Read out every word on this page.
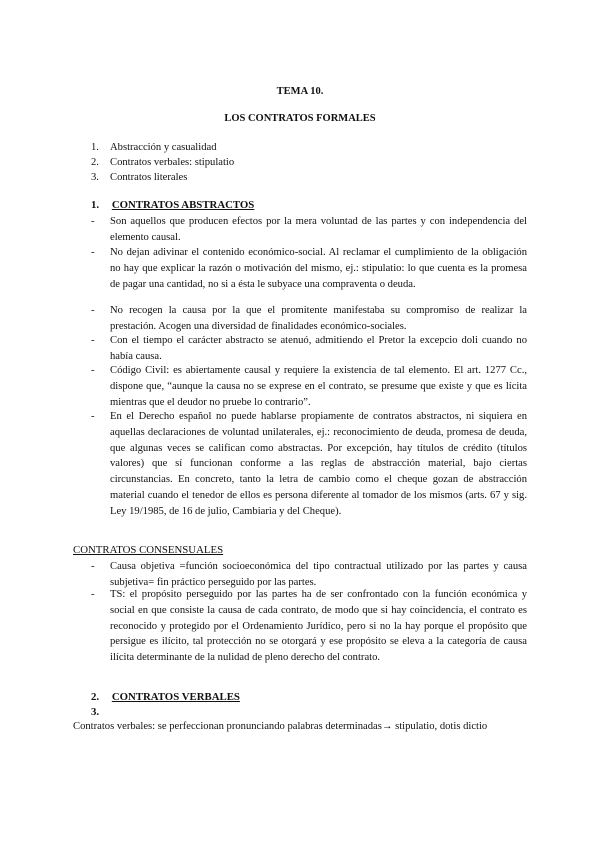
TEMA 10.
LOS CONTRATOS FORMALES
1. Abstracción y casualidad
2. Contratos verbales: stipulatio
3. Contratos literales
1. CONTRATOS ABSTRACTOS
- Son aquellos que producen efectos por la mera voluntad de las partes y con independencia del elemento causal.
- No dejan adivinar el contenido económico-social. Al reclamar el cumplimiento de la obligación no hay que explicar la razón o motivación del mismo, ej.: stipulatio: lo que cuenta es la promesa de pagar una cantidad, no si a ésta le subyace una compraventa o deuda.
- No recogen la causa por la que el promitente manifestaba su compromiso de realizar la prestación. Acogen una diversidad de finalidades económico-sociales.
- Con el tiempo el carácter abstracto se atenuó, admitiendo el Pretor la excepcio doli cuando no había causa.
- Código Civil: es abiertamente causal y requiere la existencia de tal elemento. El art. 1277 Cc., dispone que, “aunque la causa no se exprese en el contrato, se presume que existe y que es lícita mientras que el deudor no pruebe lo contrario”.
- En el Derecho español no puede hablarse propiamente de contratos abstractos, ni siquiera en aquellas declaraciones de voluntad unilaterales, ej.: reconocimiento de deuda, promesa de deuda, que algunas veces se califican como abstractas. Por excepción, hay títulos de crédito (títulos valores) que sí funcionan conforme a las reglas de abstracción material, bajo ciertas circunstancias. En concreto, tanto la letra de cambio como el cheque gozan de abstracción material cuando el tenedor de ellos es persona diferente al tomador de los mismos (arts. 67 y sig. Ley 19/1985, de 16 de julio, Cambiaria y del Cheque).
CONTRATOS CONSENSUALES
- Causa objetiva =función socioeconómica del tipo contractual utilizado por las partes y causa subjetiva= fin práctico perseguido por las partes.
- TS: el propósito perseguido por las partes ha de ser confrontado con la función económica y social en que consiste la causa de cada contrato, de modo que si hay coincidencia, el contrato es reconocido y protegido por el Ordenamiento Jurídico, pero si no la hay porque el propósito que persigue es ilícito, tal protección no se otorgará y ese propósito se eleva a la categoría de causa ilícita determinante de la nulidad de pleno derecho del contrato.
2. CONTRATOS VERBALES
3.
Contratos verbales: se perfeccionan pronunciando palabras determinadas→ stipulatio, dotis dictio
